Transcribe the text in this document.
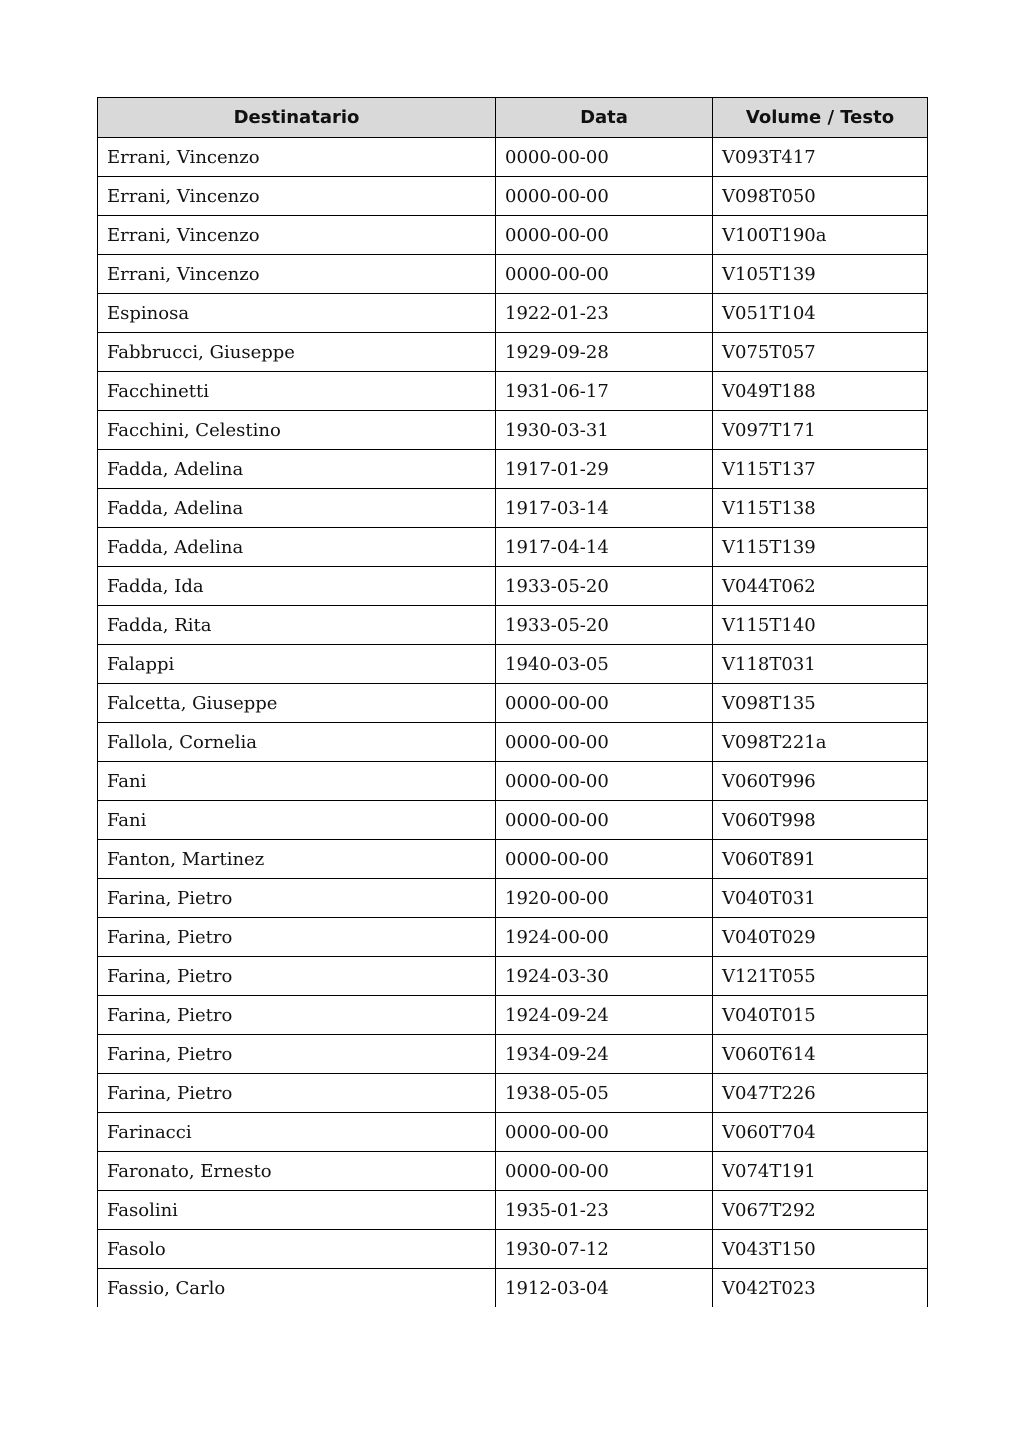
Destinatario	Data	Volume / Testo
Errani, Vincenzo	0000-00-00	V093T417
Errani, Vincenzo	0000-00-00	V098T050
Errani, Vincenzo	0000-00-00	V100T190a
Errani, Vincenzo	0000-00-00	V105T139
Espinosa	1922-01-23	V051T104
Fabbrucci, Giuseppe	1929-09-28	V075T057
Facchinetti	1931-06-17	V049T188
Facchini, Celestino	1930-03-31	V097T171
Fadda, Adelina	1917-01-29	V115T137
Fadda, Adelina	1917-03-14	V115T138
Fadda, Adelina	1917-04-14	V115T139
Fadda, Ida	1933-05-20	V044T062
Fadda, Rita	1933-05-20	V115T140
Falappi	1940-03-05	V118T031
Falcetta, Giuseppe	0000-00-00	V098T135
Fallola, Cornelia	0000-00-00	V098T221a
Fani	0000-00-00	V060T996
Fani	0000-00-00	V060T998
Fanton, Martinez	0000-00-00	V060T891
Farina, Pietro	1920-00-00	V040T031
Farina, Pietro	1924-00-00	V040T029
Farina, Pietro	1924-03-30	V121T055
Farina, Pietro	1924-09-24	V040T015
Farina, Pietro	1934-09-24	V060T614
Farina, Pietro	1938-05-05	V047T226
Farinacci	0000-00-00	V060T704
Faronato, Ernesto	0000-00-00	V074T191
Fasolini	1935-01-23	V067T292
Fasolo	1930-07-12	V043T150
Fassio, Carlo	1912-03-04	V042T023
